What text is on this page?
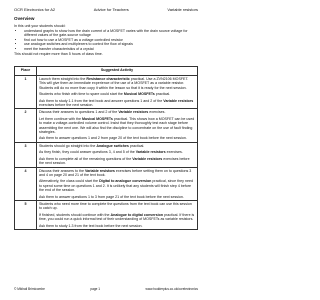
OCR Electronics for A2	Advice for Teachers	Variable resistors
Overview

In this unit your students should:

• understand graphs to show how the drain current of a MOSFET varies with the drain source voltage for different values of the gate-source voltage
• find out how to use a MOSFET as a voltage controlled resistor
• use analogue switches and multiplexers to control the flow of signals
• meet the transfer characteristics of a crystal

This should not require more than 5 hours of class time.

Place	Suggested Activity
1	Launch them straight into the Resistance characteristic practical. Use a ZVN2106 MOSFET. This will give them an immediate experience of the use of a MOSFET as a variable resistor. Students will do no more than copy it within the lesson so that it is ready for the next session.

Students who finish with time to spare could start the Musical MOSFETs practical.

Ask them to study 1.1 from the text book and answer questions 1 and 2 of the Variable resistors exercises before the next session.

2	Discuss their answers to questions 1 and 2 of the Variable resistors exercises.

Let them continue with the Musical MOSFETs practical. This shows how a MOSFET can be used to make a voltage-controlled volume control. Insist that they thoroughly test each stage before assembling the next one. We will also find the discipline to concentrate on the use of fault finding strategies.

Ask them to answer questions 1 and 2 from page 20 of the text book before the next session.

3	Students should go straight into the Analogue switches practical.

As they finish, they could answer questions 3, 4 and 5 of the Variable resistors exercises.

Ask them to complete all of the remaining questions of the Variable resistors exercises before the next session.

4	Discuss their answers to the Variable resistors exercises before setting them on to questions 3 and 4 on page 20 and 21 of the text book.

Alternatively, the class could start the Digital to analogue conversion practical, since they need to spend some time on questions 1 and 2. It is unlikely that any students will finish step 4 before the end of the session.

Ask them to answer questions 1 to 3 from page 21 of the text book before the next session.

5	Students who need more time to complete the questions from the text book can use this session to catch up.

If finished, students should continue with the Analogue to digital conversion practical. If there is time, you could run a quick informal test of their understanding of MOSFETs as variable resistors.

Ask them to study 1.3 from the text book before the next session.

© Mikhail Brimicombe	page 1	www.hodderplus.co.uk/ocrelectronics
